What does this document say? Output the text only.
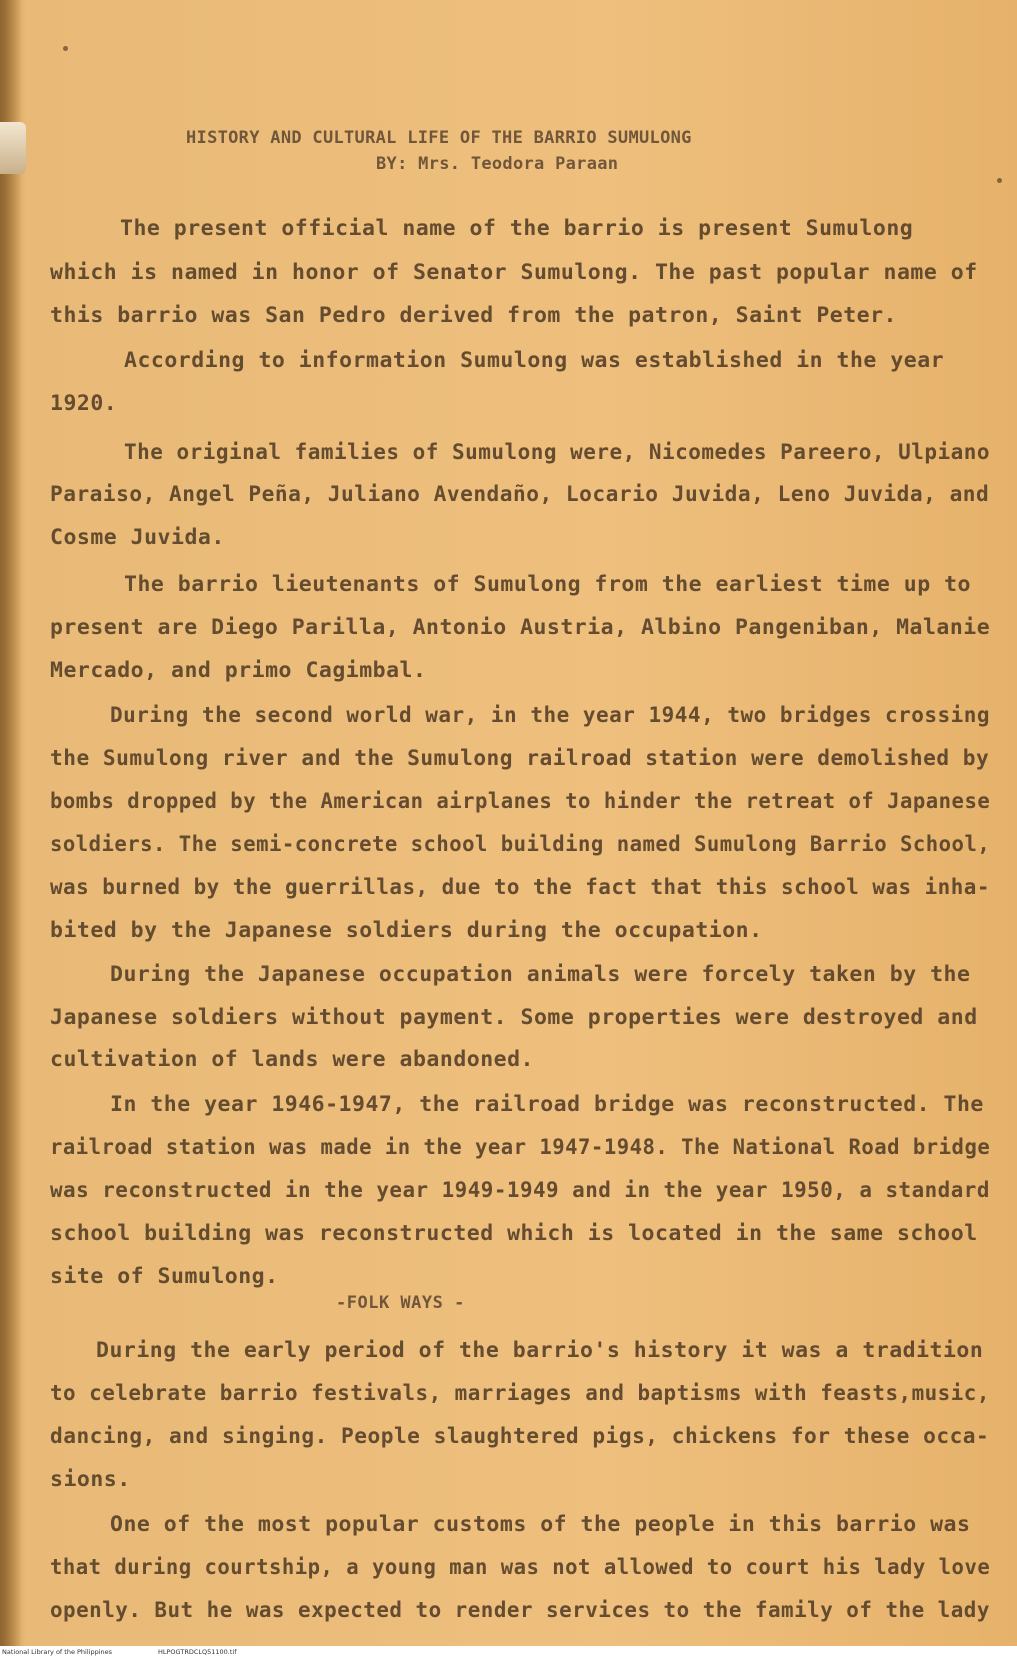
HISTORY AND CULTURAL LIFE OF THE BARRIO SUMULONG
BY: Mrs. Teodora Paraan
The present official name of the barrio is present Sumulong
which is named in honor of Senator Sumulong. The past popular name of
this barrio was San Pedro derived from the patron, Saint Peter.
According to information Sumulong was established in the year
1920.
The original families of Sumulong were, Nicomedes Pareero, Ulpiano
Paraiso, Angel Peña, Juliano Avendaño, Locario Juvida, Leno Juvida, and
Cosme Juvida.
The barrio lieutenants of Sumulong from the earliest time up to
present are Diego Parilla, Antonio Austria, Albino Pangeniban, Malanie
Mercado, and primo Cagimbal.
During the second world war, in the year 1944, two bridges crossing
the Sumulong river and the Sumulong railroad station were demolished by
bombs dropped by the American airplanes to hinder the retreat of Japanese
soldiers. The semi-concrete school building named Sumulong Barrio School,
was burned by the guerrillas, due to the fact that this school was inha-
bited by the Japanese soldiers during the occupation.
During the Japanese occupation animals were forcely taken by the
Japanese soldiers without payment. Some properties were destroyed and
cultivation of lands were abandoned.
In the year 1946-1947, the railroad bridge was reconstructed. The
railroad station was made in the year 1947-1948. The National Road bridge
was reconstructed in the year 1949-1949 and in the year 1950, a standard
school building was reconstructed which is located in the same school
site of Sumulong.
-FOLK WAYS -
During the early period of the barrio's history it was a tradition
to celebrate barrio festivals, marriages and baptisms with feasts,music,
dancing, and singing. People slaughtered pigs, chickens for these occa-
sions.
One of the most popular customs of the people in this barrio was
that during courtship, a young man was not allowed to court his lady love
openly. But he was expected to render services to the family of the lady
National Library of the Philippines	HLPOGTRDCLQ51100.tif
